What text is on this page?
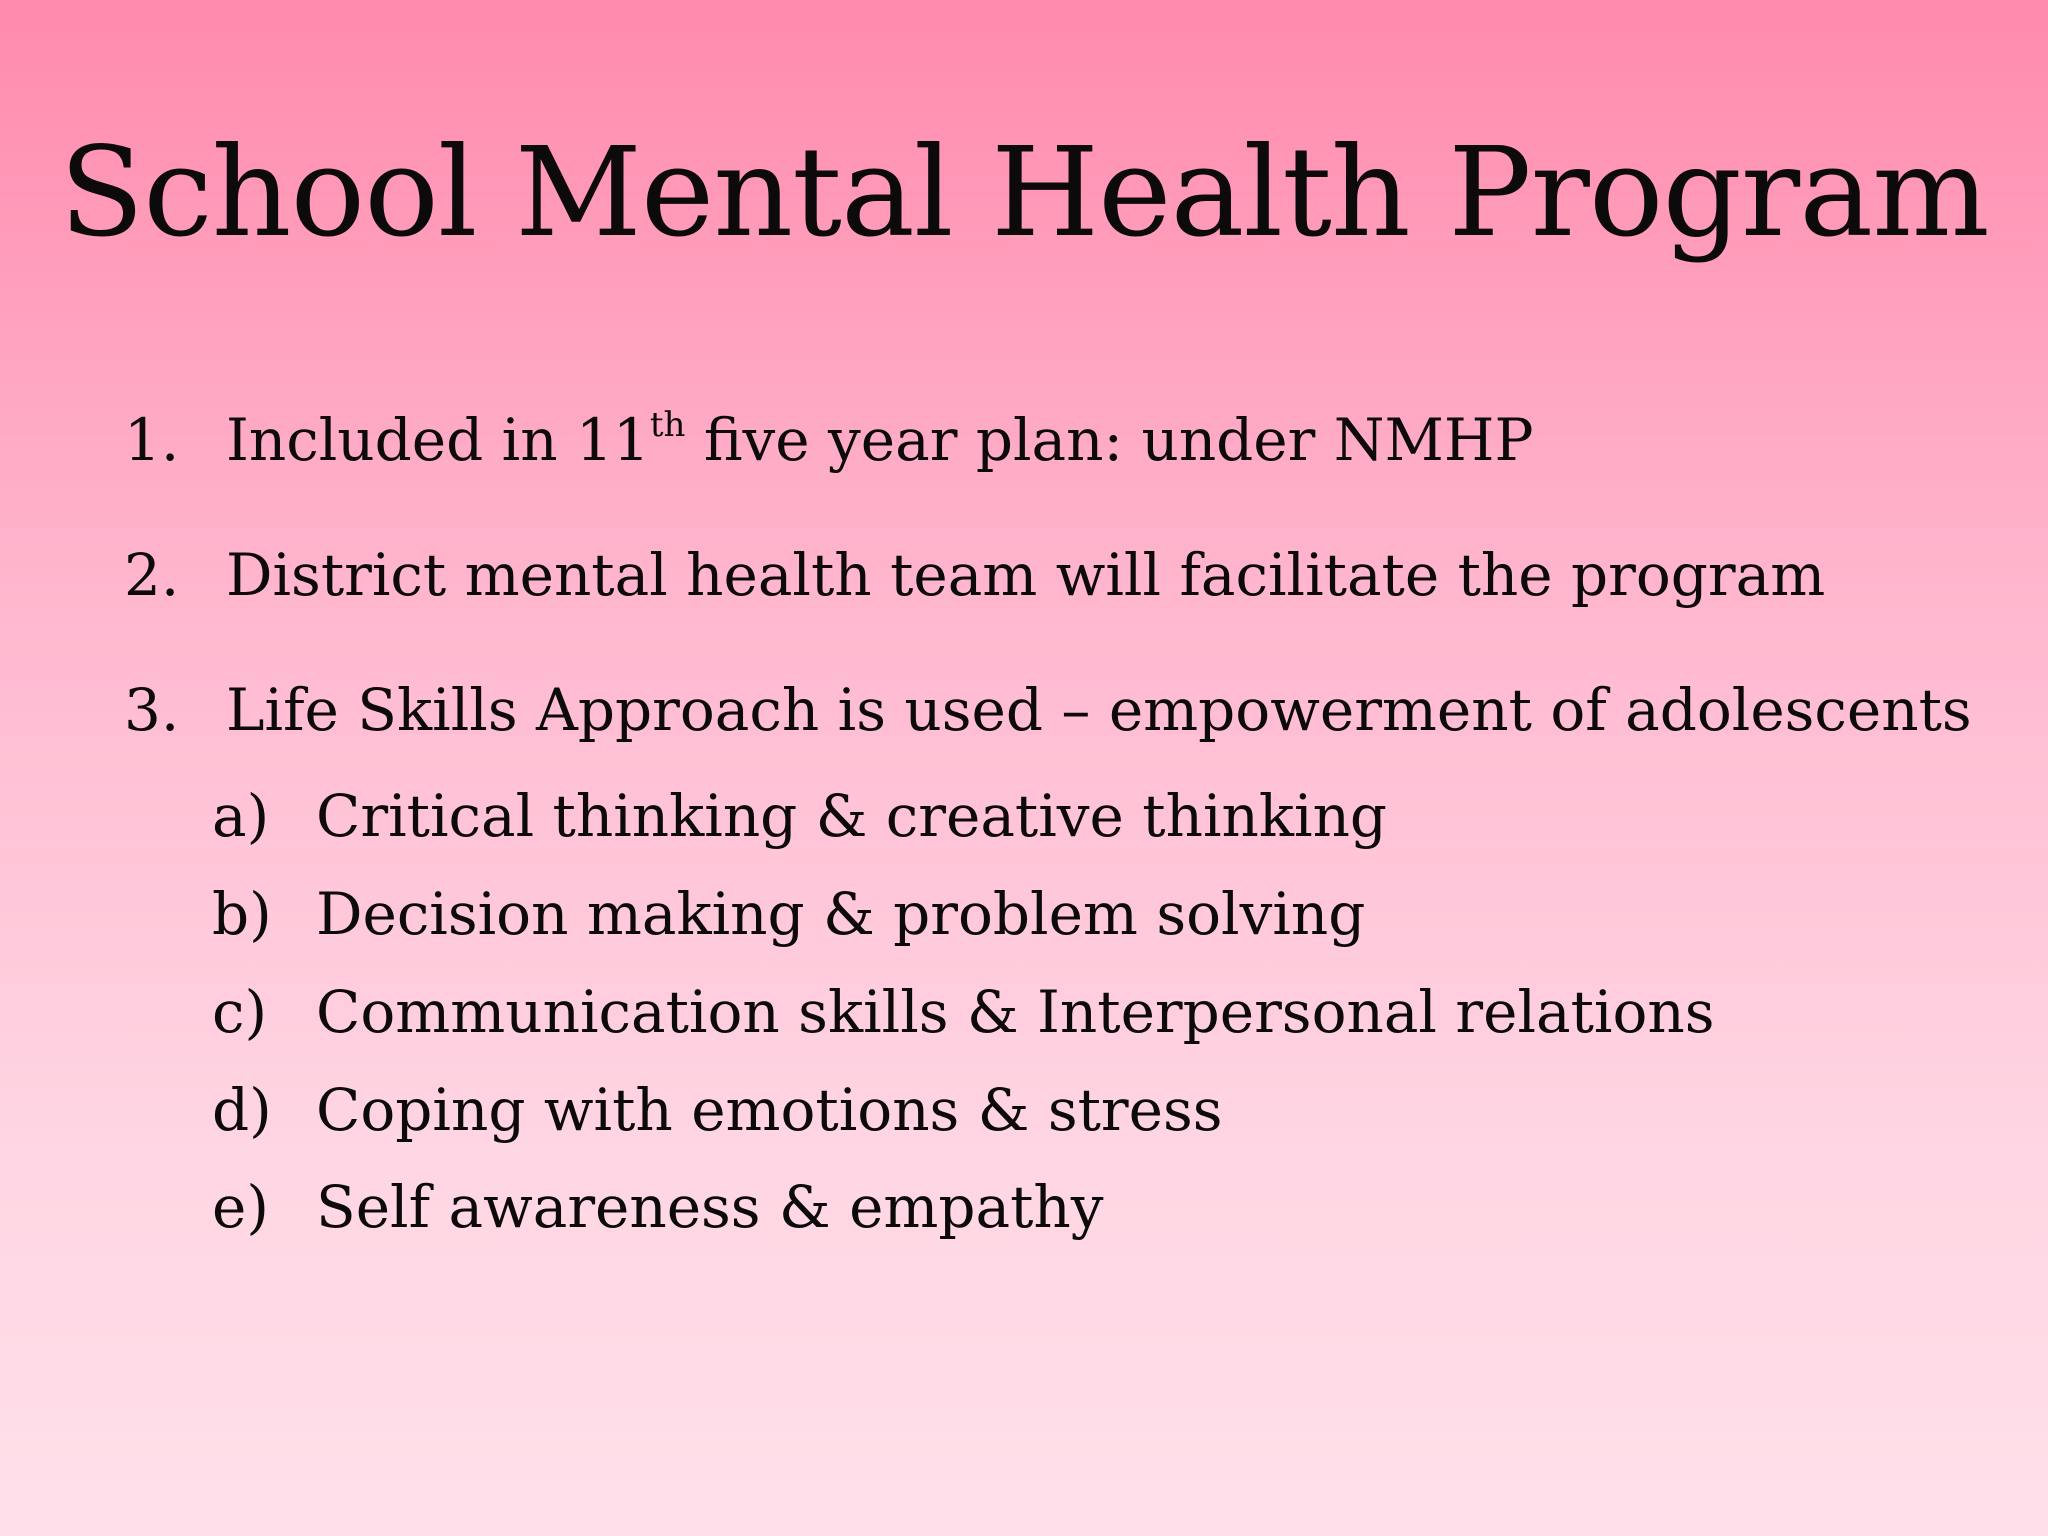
School Mental Health Program
1. Included in 11th five year plan: under NMHP
2. District mental health team will facilitate the program
3. Life Skills Approach is used – empowerment of adolescents
a) Critical thinking & creative thinking
b) Decision making & problem solving
c) Communication skills & Interpersonal relations
d) Coping with emotions & stress
e) Self awareness & empathy
